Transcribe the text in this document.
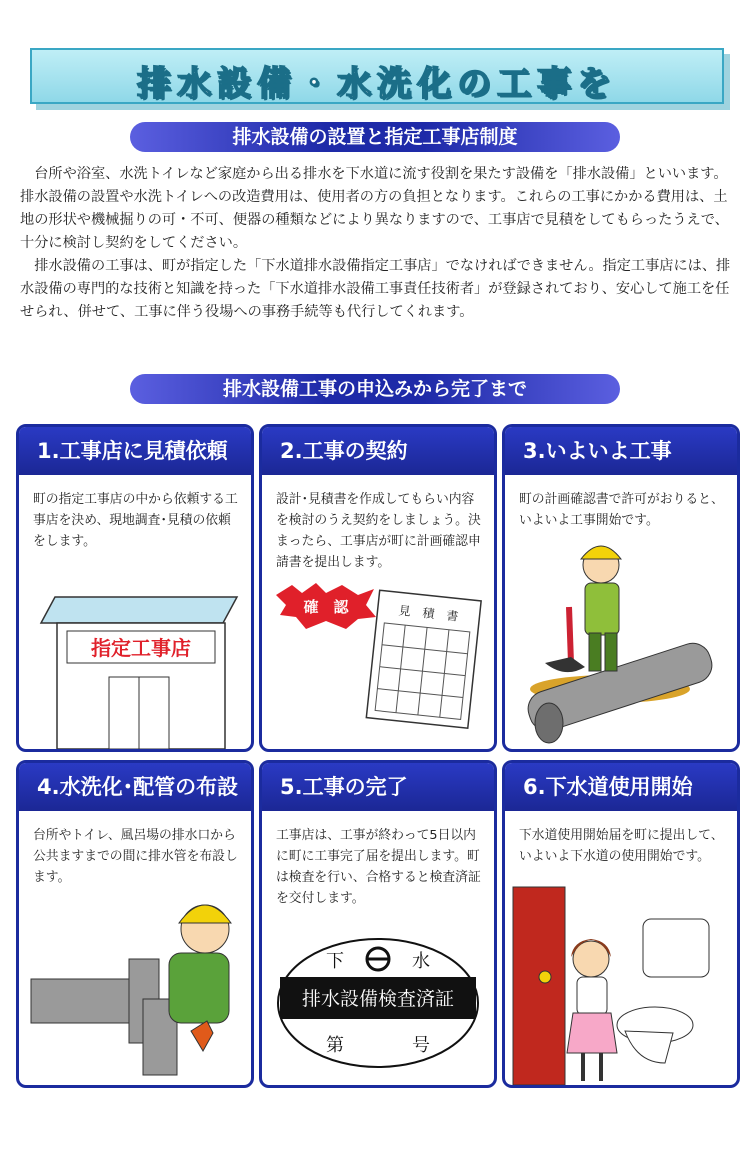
排水設備・水洗化の工事を
排水設備の設置と指定工事店制度

台所や浴室、水洗トイレなど家庭から出る排水を下水道に流す役割を果たす設備を「排水設備」といいます。排水設備の設置や水洗トイレへの改造費用は、使用者の方の負担となります。これらの工事にかかる費用は、土地の形状や機械掘りの可・不可、便器の種類などにより異なりますので、工事店で見積をしてもらったうえで、十分に検討し契約をしてください。

排水設備の工事は、町が指定した「下水道排水設備指定工事店」でなければできません。指定工事店には、排水設備の専門的な技術と知識を持った「下水道排水設備工事責任技術者」が登録されており、安心して施工を任せられ、併せて、工事に伴う役場への事務手続等も代行してくれます。

排水設備工事の申込みから完了まで
1.工事店に見積依頼
町の指定工事店の中から依頼する工事店を決め、現地調査･見積の依頼をします。
指定工事店
2.工事の契約
設計･見積書を作成してもらい内容を検討のうえ契約をしましょう。決まったら、工事店が町に計画確認申請書を提出します。
確　認	見　積　書
3.いよいよ工事
町の計画確認書で許可がおりると、いよいよ工事開始です。
4.水洗化･配管の布設
台所やトイレ、風呂場の排水口から公共ますまでの間に排水管を布設します。
5.工事の完了
工事店は、工事が終わって5日以内に町に工事完了届を提出します。町は検査を行い、合格すると検査済証を交付します。
下	水
排水設備検査済証
第	号
6.下水道使用開始
下水道使用開始届を町に提出して、いよいよ下水道の使用開始です。
